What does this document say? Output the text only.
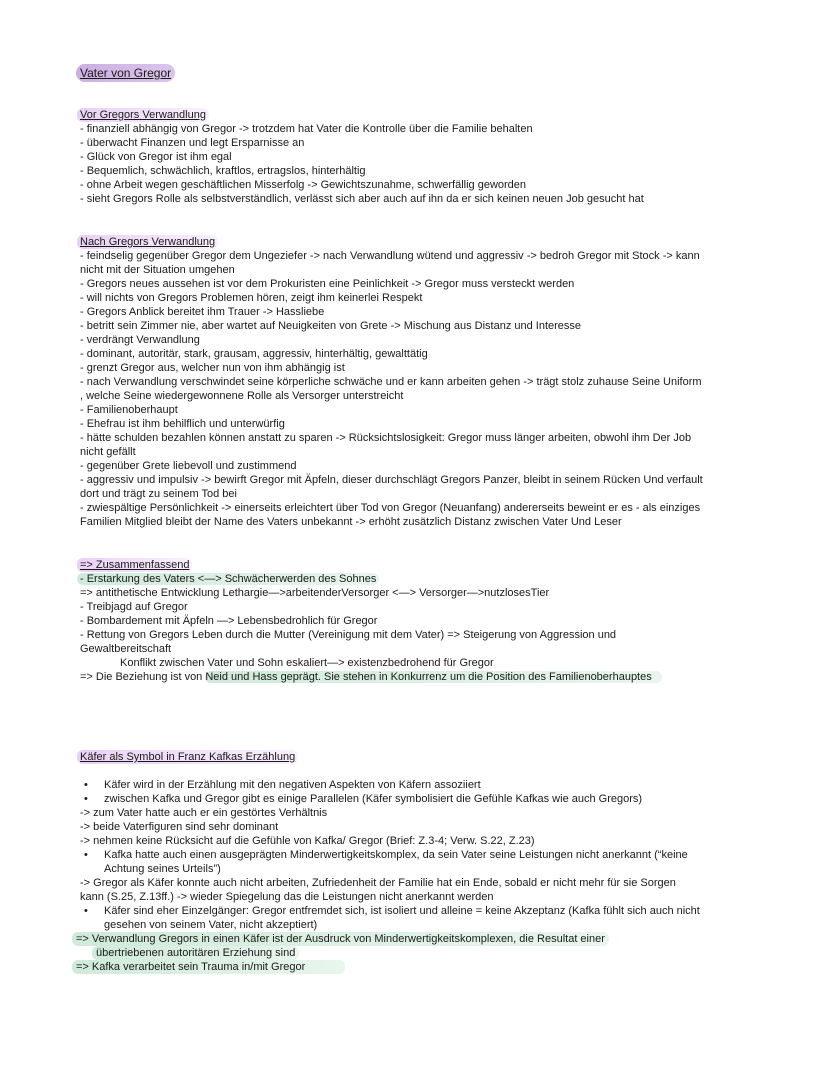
Vater von Gregor
Vor Gregors Verwandlung
- finanziell abhängig von Gregor -> trotzdem hat Vater die Kontrolle über die Familie behalten
- überwacht Finanzen und legt Ersparnisse an
- Glück von Gregor ist ihm egal
- Bequemlich, schwächlich, kraftlos, ertragslos, hinterhältig
- ohne Arbeit wegen geschäftlichen Misserfolg -> Gewichtszunahme, schwerfällig geworden
- sieht Gregors Rolle als selbstverständlich, verlässt sich aber auch auf ihn da er sich keinen neuen Job gesucht hat
Nach Gregors Verwandlung
- feindselig gegenüber Gregor dem Ungeziefer -> nach Verwandlung wütend und aggressiv -> bedroh Gregor mit Stock -> kann nicht mit der Situation umgehen
- Gregors neues aussehen ist vor dem Prokuristen eine Peinlichkeit -> Gregor muss versteckt werden
- will nichts von Gregors Problemen hören, zeigt ihm keinerlei Respekt
- Gregors Anblick bereitet ihm Trauer -> Hassliebe
- betritt sein Zimmer nie, aber wartet auf Neuigkeiten von Grete -> Mischung aus Distanz und Interesse
- verdrängt Verwandlung
- dominant, autoritär, stark, grausam, aggressiv, hinterhältig, gewalttätig
- grenzt Gregor aus, welcher nun von ihm abhängig ist
- nach Verwandlung verschwindet seine körperliche schwäche und er kann arbeiten gehen -> trägt stolz zuhause Seine Uniform , welche Seine wiedergewonnene Rolle als Versorger unterstreicht
- Familienoberhaupt
- Ehefrau ist ihm behilflich und unterwürfig
- hätte schulden bezahlen können anstatt zu sparen -> Rücksichtslosigkeit: Gregor muss länger arbeiten, obwohl ihm Der Job nicht gefällt
- gegenüber Grete liebevoll und zustimmend
- aggressiv und impulsiv -> bewirft Gregor mit Äpfeln, dieser durchschlägt Gregors Panzer, bleibt in seinem Rücken Und verfault dort und trägt zu seinem Tod bei
- zwiespältige Persönlichkeit -> einerseits erleichtert über Tod von Gregor (Neuanfang) andererseits beweint er es - als einziges Familien Mitglied bleibt der Name des Vaters unbekannt -> erhöht zusätzlich Distanz zwischen Vater Und Leser
=> Zusammenfassend
- Erstarkung des Vaters <—> Schwächerwerden des Sohnes
=> antithetische Entwicklung Lethargie—>arbeitenderVersorger <—> Versorger—>nutzlosesTier
- Treibjagd auf Gregor
- Bombardement mit Äpfeln —> Lebensbedrohlich für Gregor
- Rettung von Gregors Leben durch die Mutter (Vereinigung mit dem Vater) => Steigerung von Aggression und Gewaltbereitschaft
Konflikt zwischen Vater und Sohn eskaliert—> existenzbedrohend für Gregor
=> Die Beziehung ist von Neid und Hass geprägt. Sie stehen in Konkurrenz um die Position des Familienoberhauptes
Käfer als Symbol in Franz Kafkas Erzählung
•	Käfer wird in der Erzählung mit den negativen Aspekten von Käfern assoziiert
•	zwischen Kafka und Gregor gibt es einige Parallelen (Käfer symbolisiert die Gefühle Kafkas wie auch Gregors)
-> zum Vater hatte auch er ein gestörtes Verhältnis
-> beide Vaterfiguren sind sehr dominant
-> nehmen keine Rücksicht auf die Gefühle von Kafka/ Gregor (Brief: Z.3-4; Verw. S.22, Z.23)
•	Kafka hatte auch einen ausgeprägten Minderwertigkeitskomplex, da sein Vater seine Leistungen nicht anerkannt (“keine Achtung seines Urteils”)
-> Gregor als Käfer konnte auch nicht arbeiten, Zufriedenheit der Familie hat ein Ende, sobald er nicht mehr für sie Sorgen kann (S.25, Z.13ff.) -> wieder Spiegelung das die Leistungen nicht anerkannt werden
•	Käfer sind eher Einzelgänger: Gregor entfremdet sich, ist isoliert und alleine = keine Akzeptanz (Kafka fühlt sich auch nicht gesehen von seinem Vater, nicht akzeptiert)
=> Verwandlung Gregors in einen Käfer ist der Ausdruck von Minderwertigkeitskomplexen, die Resultat einer
übertriebenen autoritären Erziehung sind
=> Kafka verarbeitet sein Trauma in/mit Gregor
